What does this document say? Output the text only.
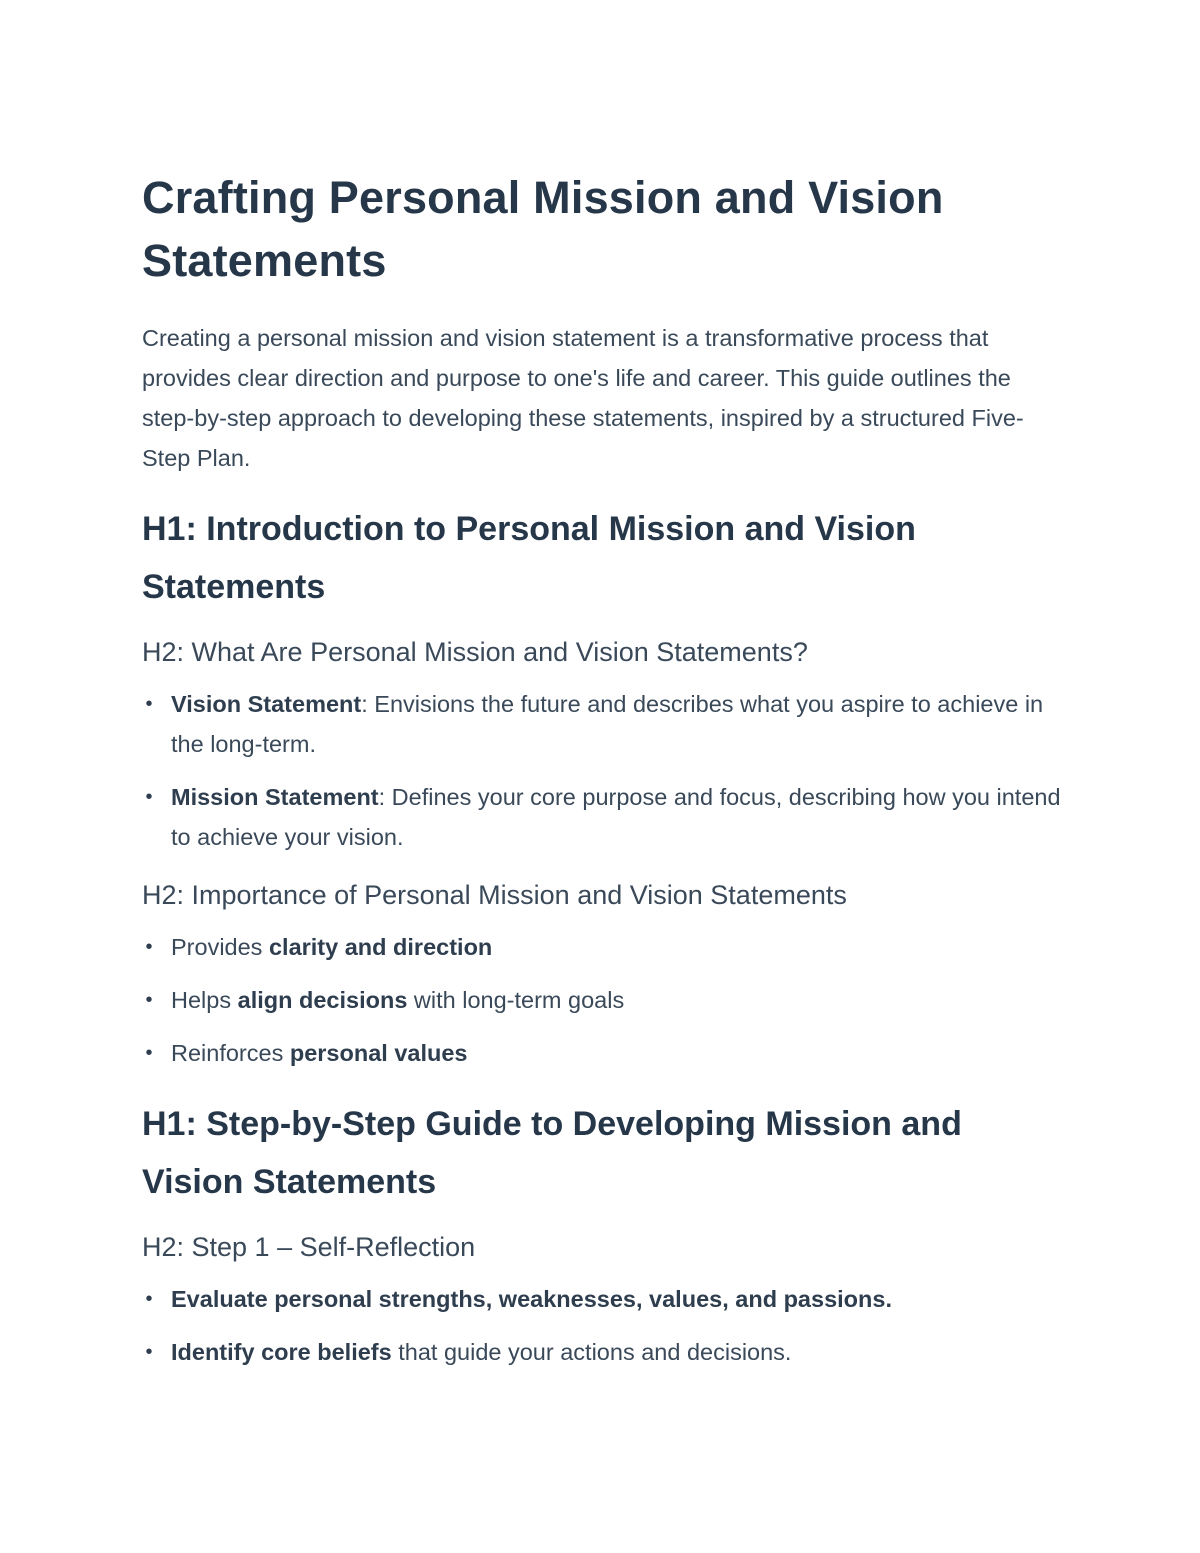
Crafting Personal Mission and Vision Statements

Creating a personal mission and vision statement is a transformative process that provides clear direction and purpose to one's life and career. This guide outlines the step-by-step approach to developing these statements, inspired by a structured Five-Step Plan.

H1: Introduction to Personal Mission and Vision Statements
H2: What Are Personal Mission and Vision Statements?
• Vision Statement: Envisions the future and describes what you aspire to achieve in the long-term.
• Mission Statement: Defines your core purpose and focus, describing how you intend to achieve your vision.
H2: Importance of Personal Mission and Vision Statements
• Provides clarity and direction
• Helps align decisions with long-term goals
• Reinforces personal values
H1: Step-by-Step Guide to Developing Mission and Vision Statements
H2: Step 1 – Self-Reflection
• Evaluate personal strengths, weaknesses, values, and passions.
• Identify core beliefs that guide your actions and decisions.
